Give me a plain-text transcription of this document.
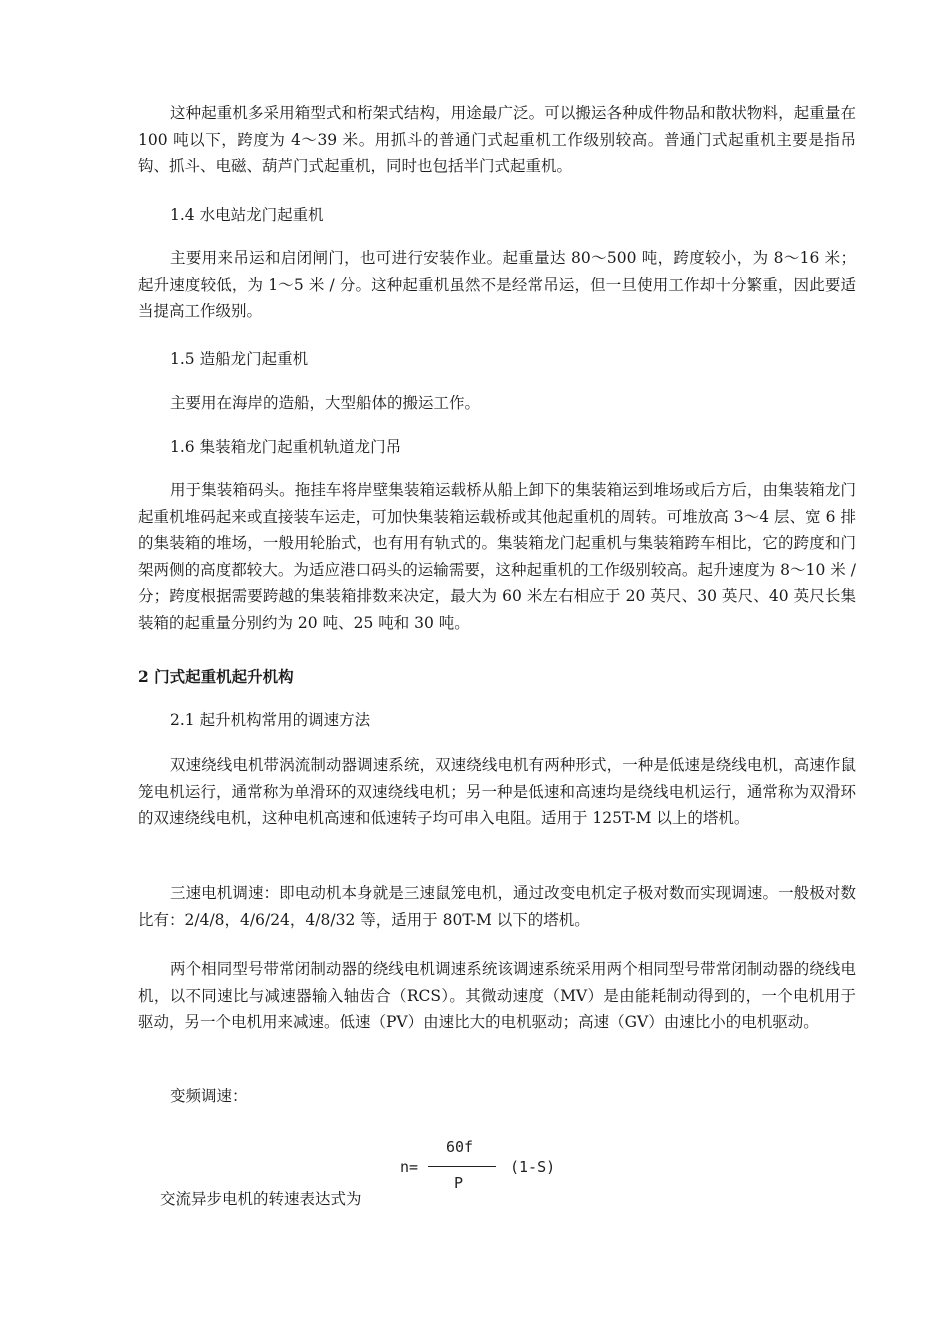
这种起重机多采用箱型式和桁架式结构，用途最广泛。可以搬运各种成件物品和散状物料，起重量在 100 吨以下，跨度为 4～39 米。用抓斗的普通门式起重机工作级别较高。普通门式起重机主要是指吊钩、抓斗、电磁、葫芦门式起重机，同时也包括半门式起重机。

1.4 水电站龙门起重机

主要用来吊运和启闭闸门，也可进行安装作业。起重量达 80～500 吨，跨度较小，为 8～16 米；起升速度较低，为 1～5 米 / 分。这种起重机虽然不是经常吊运，但一旦使用工作却十分繁重，因此要适当提高工作级别。

1.5 造船龙门起重机

主要用在海岸的造船，大型船体的搬运工作。

1.6 集装箱龙门起重机轨道龙门吊

用于集装箱码头。拖挂车将岸壁集装箱运载桥从船上卸下的集装箱运到堆场或后方后，由集装箱龙门起重机堆码起来或直接装车运走，可加快集装箱运载桥或其他起重机的周转。可堆放高 3～4 层、宽 6 排的集装箱的堆场，一般用轮胎式，也有用有轨式的。集装箱龙门起重机与集装箱跨车相比，它的跨度和门架两侧的高度都较大。为适应港口码头的运输需要，这种起重机的工作级别较高。起升速度为 8～10 米 / 分；跨度根据需要跨越的集装箱排数来决定，最大为 60 米左右相应于 20 英尺、30 英尺、40 英尺长集装箱的起重量分别约为 20 吨、25 吨和 30 吨。

2 门式起重机起升机构

2.1 起升机构常用的调速方法

双速绕线电机带涡流制动器调速系统，双速绕线电机有两种形式，一种是低速是绕线电机，高速作鼠笼电机运行，通常称为单滑环的双速绕线电机；另一种是低速和高速均是绕线电机运行，通常称为双滑环的双速绕线电机，这种电机高速和低速转子均可串入电阻。适用于 125T-M 以上的塔机。

三速电机调速：即电动机本身就是三速鼠笼电机，通过改变电机定子极对数而实现调速。一般极对数比有：2/4/8，4/6/24，4/8/32 等，适用于 80T-M 以下的塔机。

两个相同型号带常闭制动器的绕线电机调速系统该调速系统采用两个相同型号带常闭制动器的绕线电机，以不同速比与减速器输入轴齿合（RCS）。其微动速度（MV）是由能耗制动得到的，一个电机用于驱动，另一个电机用来减速。低速（PV）由速比大的电机驱动；高速（GV）由速比小的电机驱动。

变频调速：

n=
60f
P
(1-S)

交流异步电机的转速表达式为
